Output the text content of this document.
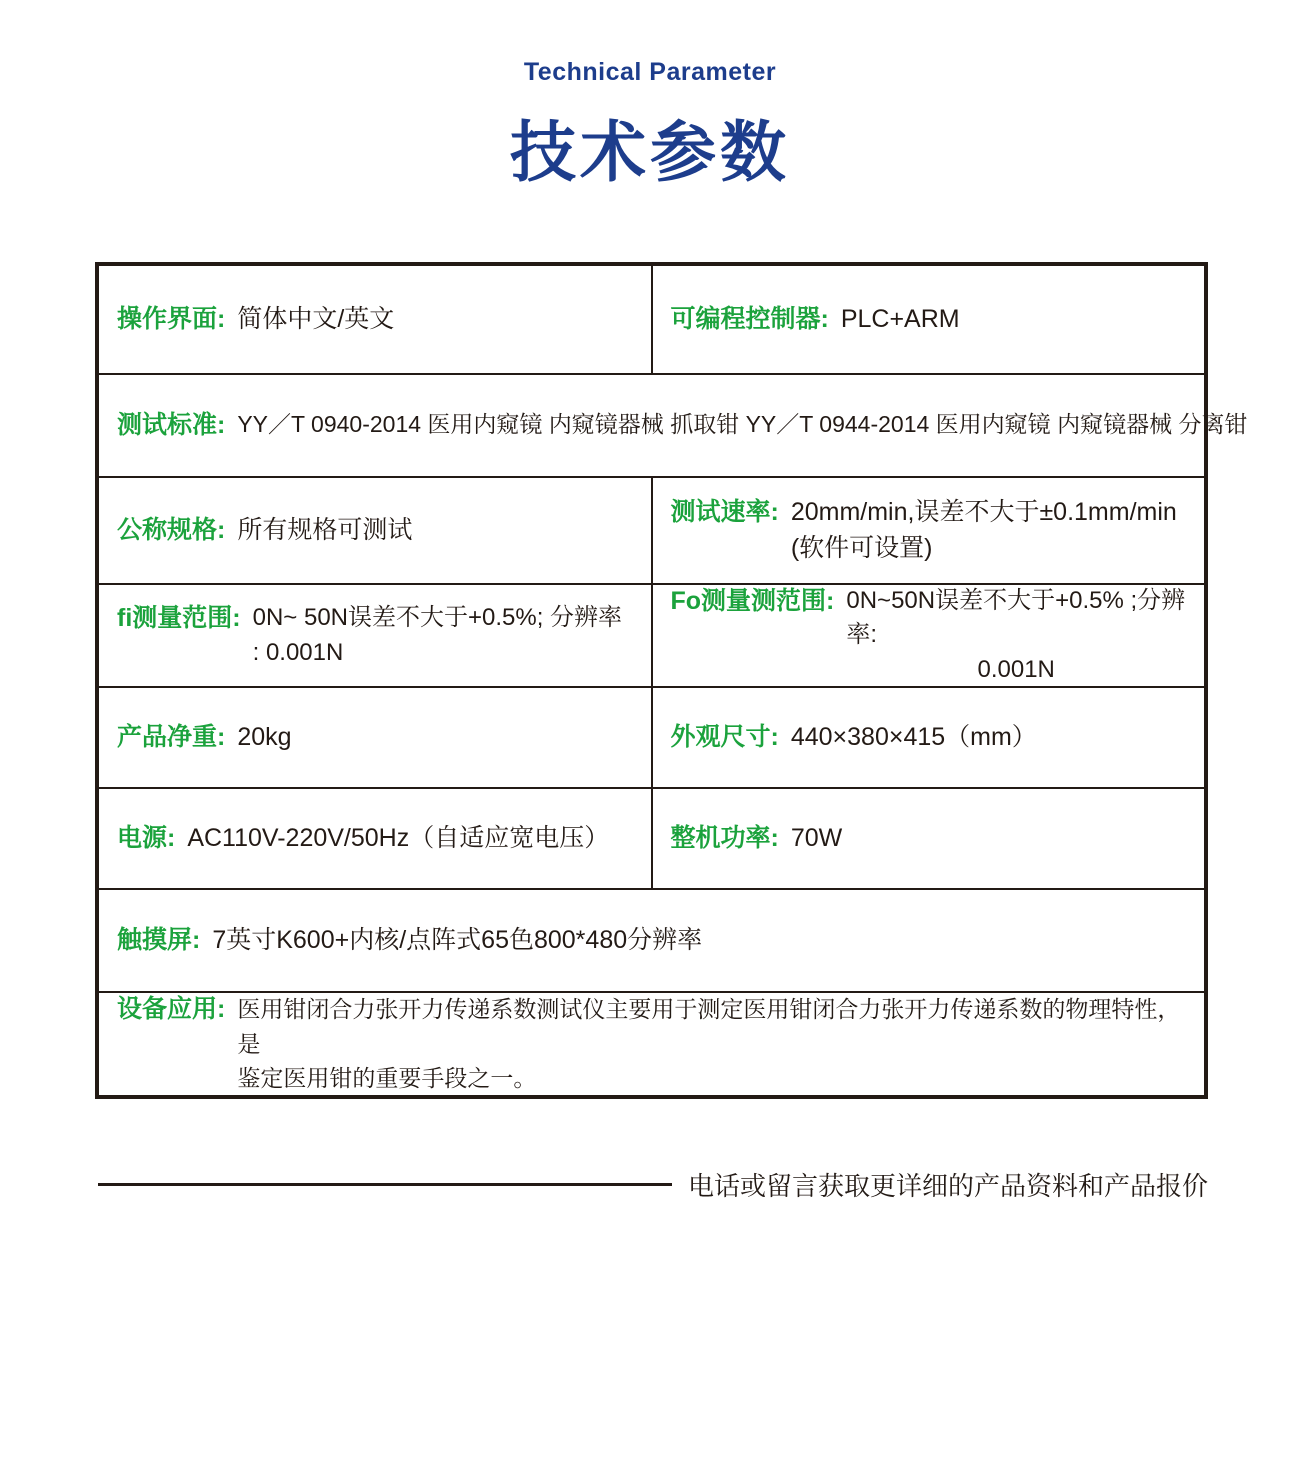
Technical Parameter
技术参数
操作界面: 简体中文/英文	可编程控制器: PLC+ARM
测试标准: YY／T 0940-2014 医用内窥镜 内窥镜器械 抓取钳 YY／T 0944-2014 医用内窥镜 内窥镜器械 分离钳
公称规格: 所有规格可测试
测试速率: 20mm/min,误差不大于±0.1mm/min
(软件可设置)
fi测量范围: 0N~ 50N误差不大于+0.5%; 分辨率
: 0.001N
Fo测量测范围: 0N~50N误差不大于+0.5% ;分辨率:
0.001N
产品净重: 20kg	外观尺寸: 440×380×415（mm）
电源: AC110V-220V/50Hz（自适应宽电压） 整机功率: 70W
触摸屏: 7英寸K600+内核/点阵式65色800*480分辨率
设备应用: 医用钳闭合力张开力传递系数测试仪主要用于测定医用钳闭合力张开力传递系数的物理特性，是
鉴定医用钳的重要手段之一。
电话或留言获取更详细的产品资料和产品报价
